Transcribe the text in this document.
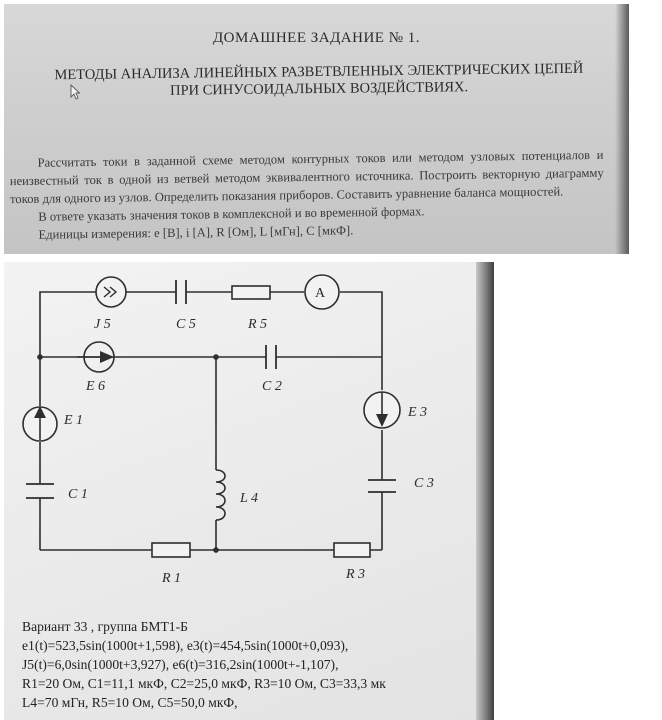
ДОМАШНЕЕ ЗАДАНИЕ № 1.
МЕТОДЫ АНАЛИЗА ЛИНЕЙНЫХ РАЗВЕТВЛЕННЫХ ЭЛЕКТРИЧЕСКИХ ЦЕПЕЙ
ПРИ СИНУСОИДАЛЬНЫХ ВОЗДЕЙСТВИЯХ.

Рассчитать токи в заданной схеме методом контурных токов или методом узловых потенциалов и неизвестный ток в одной из ветвей методом эквивалентного источника. Построить векторную диаграмму токов для одного из узлов. Определить показания приборов. Составить уравнение баланса мощностей.

В ответе указать значения токов в комплексной и во временной формах.

Единицы измерения: e [В], i [A], R [Ом], L [мГн], C [мкФ].

J 5	C 5	R 5
A
E 6	C 2
E 1
E 3
L 4
C 1
C 3
R 1	R 3
Вариант 33 , группа БМТ1-Б
e1(t)=523,5sin(1000t+1,598), e3(t)=454,5sin(1000t+0,093),
J5(t)=6,0sin(1000t+3,927), e6(t)=316,2sin(1000t+-1,107),
R1=20 Ом, C1=11,1 мкФ, C2=25,0 мкФ, R3=10 Ом, C3=33,3 мк
L4=70 мГн, R5=10 Ом, C5=50,0 мкФ,
